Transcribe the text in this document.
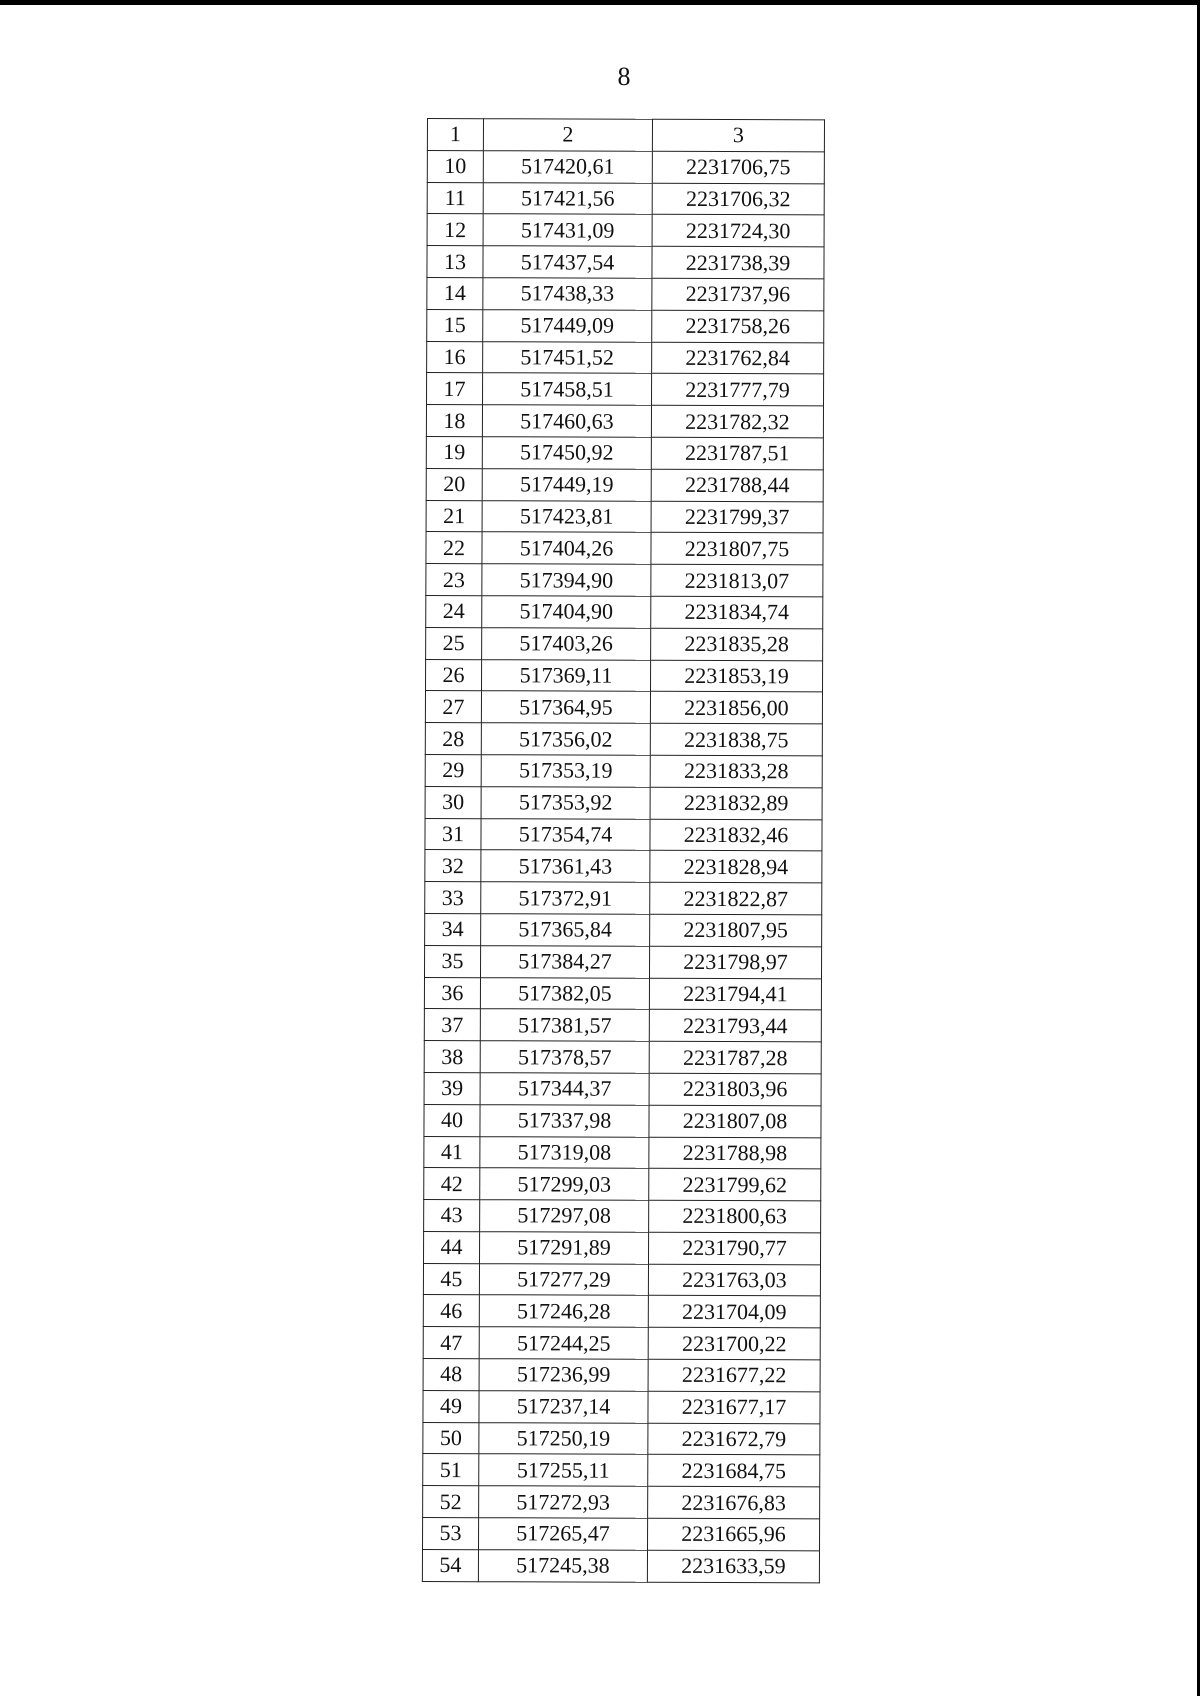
8
1	2	3
10	517420,61	2231706,75
11	517421,56	2231706,32
12	517431,09	2231724,30
13	517437,54	2231738,39
14	517438,33	2231737,96
15	517449,09	2231758,26
16	517451,52	2231762,84
17	517458,51	2231777,79
18	517460,63	2231782,32
19	517450,92	2231787,51
20	517449,19	2231788,44
21	517423,81	2231799,37
22	517404,26	2231807,75
23	517394,90	2231813,07
24	517404,90	2231834,74
25	517403,26	2231835,28
26	517369,11	2231853,19
27	517364,95	2231856,00
28	517356,02	2231838,75
29	517353,19	2231833,28
30	517353,92	2231832,89
31	517354,74	2231832,46
32	517361,43	2231828,94
33	517372,91	2231822,87
34	517365,84	2231807,95
35	517384,27	2231798,97
36	517382,05	2231794,41
37	517381,57	2231793,44
38	517378,57	2231787,28
39	517344,37	2231803,96
40	517337,98	2231807,08
41	517319,08	2231788,98
42	517299,03	2231799,62
43	517297,08	2231800,63
44	517291,89	2231790,77
45	517277,29	2231763,03
46	517246,28	2231704,09
47	517244,25	2231700,22
48	517236,99	2231677,22
49	517237,14	2231677,17
50	517250,19	2231672,79
51	517255,11	2231684,75
52	517272,93	2231676,83
53	517265,47	2231665,96
54	517245,38	2231633,59
